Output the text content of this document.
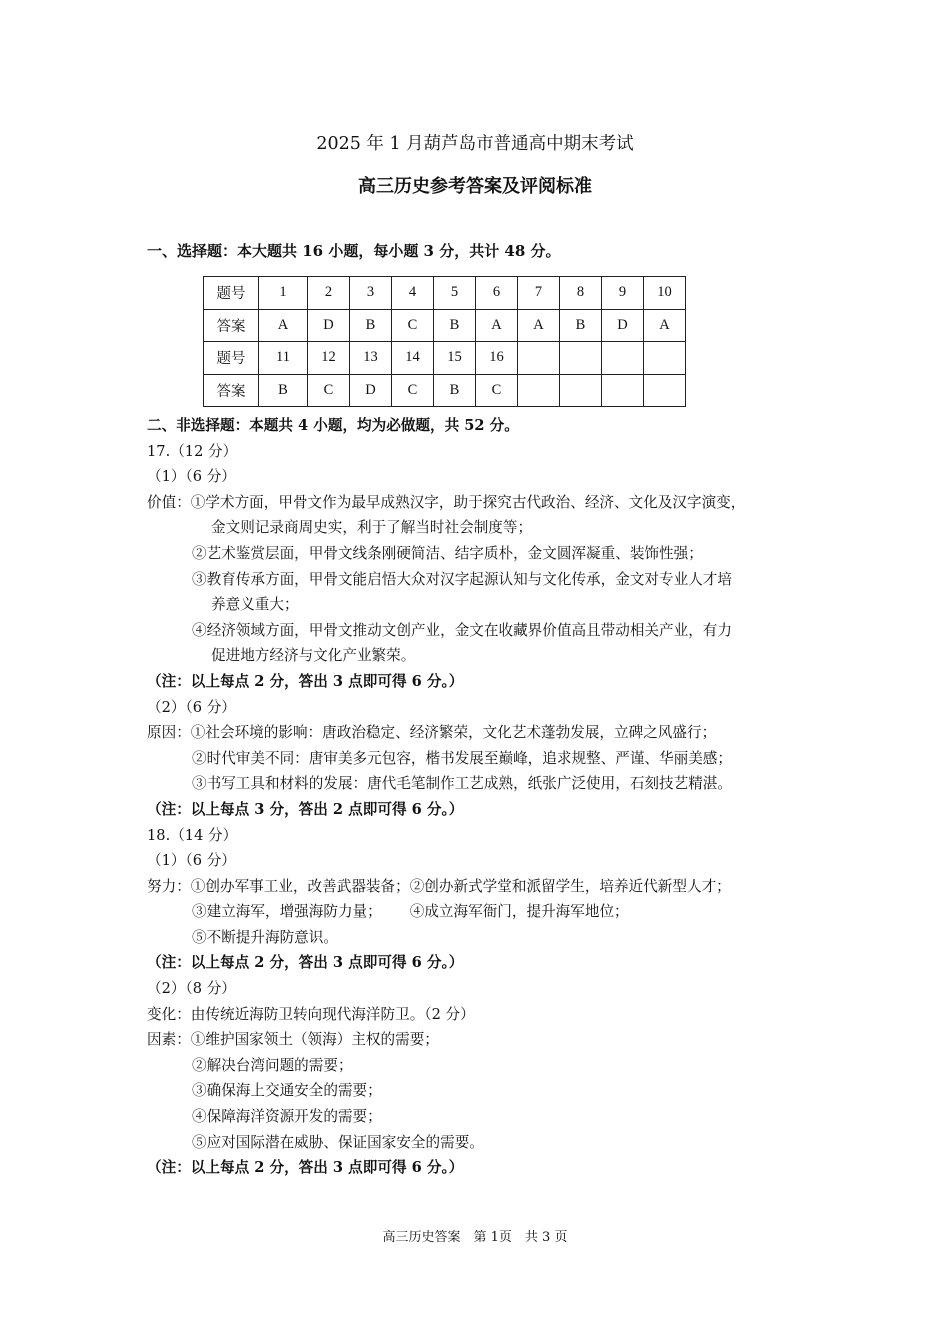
2025 年 1 月葫芦岛市普通高中期末考试
高三历史参考答案及评阅标准
一、选择题：本大题共 16 小题，每小题 3 分，共计 48 分。
题号	1	2	3	4	5	6	7	8	9	10
答案	A	D	B	C	B	A	A	B	D	A
题号	11	12	13	14	15	16				
答案	B	C	D	C	B	C				

二、非选择题：本题共 4 小题，均为必做题，共 52 分。

17.（12 分）

（1）（6 分）

价值：①学术方面，甲骨文作为最早成熟汉字，助于探究古代政治、经济、文化及汉字演变，

金文则记录商周史实，利于了解当时社会制度等；

②艺术鉴赏层面，甲骨文线条刚硬简洁、结字质朴，金文圆浑凝重、装饰性强；

③教育传承方面，甲骨文能启悟大众对汉字起源认知与文化传承，金文对专业人才培

养意义重大；

④经济领域方面，甲骨文推动文创产业，金文在收藏界价值高且带动相关产业，有力

促进地方经济与文化产业繁荣。

（注：以上每点 2 分，答出 3 点即可得 6 分。）

（2）（6 分）

原因：①社会环境的影响：唐政治稳定、经济繁荣，文化艺术蓬勃发展，立碑之风盛行；

②时代审美不同：唐审美多元包容，楷书发展至巅峰，追求规整、严谨、华丽美感；

③书写工具和材料的发展：唐代毛笔制作工艺成熟，纸张广泛使用，石刻技艺精湛。

（注：以上每点 3 分，答出 2 点即可得 6 分。）

18.（14 分）

（1）（6 分）

努力：①创办军事工业，改善武器装备；②创办新式学堂和派留学生，培养近代新型人才；

③建立海军，增强海防力量； ④成立海军衙门，提升海军地位；

⑤不断提升海防意识。

（注：以上每点 2 分，答出 3 点即可得 6 分。）

（2）（8 分）

变化：由传统近海防卫转向现代海洋防卫。（2 分）

因素：①维护国家领土（领海）主权的需要；

②解决台湾问题的需要；

③确保海上交通安全的需要；

④保障海洋资源开发的需要；

⑤应对国际潜在威胁、保证国家安全的需要。

（注：以上每点 2 分，答出 3 点即可得 6 分。）

高三历史答案　第 1页　共 3 页
